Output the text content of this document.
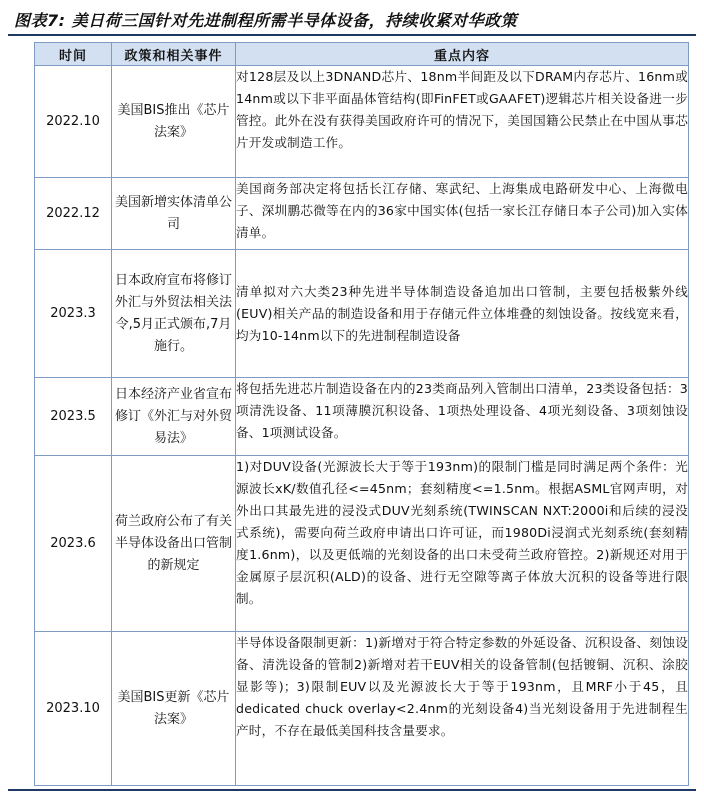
图表7: 美日荷三国针对先进制程所需半导体设备，持续收紧对华政策
时间	政策和相关事件	重点内容
2022.10	美国BIS推出《芯片法案》	对128层及以上3DNAND芯片、18nm半间距及以下DRAM内存芯片、16nm或14nm或以下非平面晶体管结构(即FinFET或GAAFET)逻辑芯片相关设备进一步管控。此外在没有获得美国政府许可的情况下，美国国籍公民禁止在中国从事芯片开发或制造工作。
2022.12	美国新增实体清单公司	美国商务部决定将包括长江存储、寒武纪、上海集成电路研发中心、上海微电子、深圳鹏芯微等在内的36家中国实体(包括一家长江存储日本子公司)加入实体清单。
2023.3	日本政府宣布将修订外汇与外贸法相关法令,5月正式颁布,7月施行。	清单拟对六大类23种先进半导体制造设备追加出口管制，主要包括极紫外线(EUV)相关产品的制造设备和用于存储元件立体堆叠的刻蚀设备。按线宽来看，均为10-14nm以下的先进制程制造设备
2023.5	日本经济产业省宣布修订《外汇与对外贸易法》	将包括先进芯片制造设备在内的23类商品列入管制出口清单，23类设备包括：3项清洗设备、11项薄膜沉积设备、1项热处理设备、4项光刻设备、3项刻蚀设备、1项测试设备。
2023.6	荷兰政府公布了有关半导体设备出口管制的新规定	1)对DUV设备(光源波长大于等于193nm)的限制门槛是同时满足两个条件：光源波长xK/数值孔径<=45nm；套刻精度<=1.5nm。根据ASML官网声明，对外出口其最先进的浸没式DUV光刻系统(TWINSCAN NXT:2000i和后续的浸没式系统)，需要向荷兰政府申请出口许可证，而1980Di浸润式光刻系统(套刻精度1.6nm)，以及更低端的光刻设备的出口未受荷兰政府管控。2)新规还对用于金属原子层沉积(ALD)的设备、进行无空隙等离子体放大沉积的设备等进行限制。
2023.10	美国BIS更新《芯片法案》	半导体设备限制更新：1)新增对于符合特定参数的外延设备、沉积设备、刻蚀设备、清洗设备的管制2)新增对若干EUV相关的设备管制(包括镀铜、沉积、涂胶显影等)；3)限制EUV以及光源波长大于等于193nm，且MRF小于45，且dedicated chuck overlay<2.4nm的光刻设备4)当光刻设备用于先进制程生产时，不存在最低美国科技含量要求。
